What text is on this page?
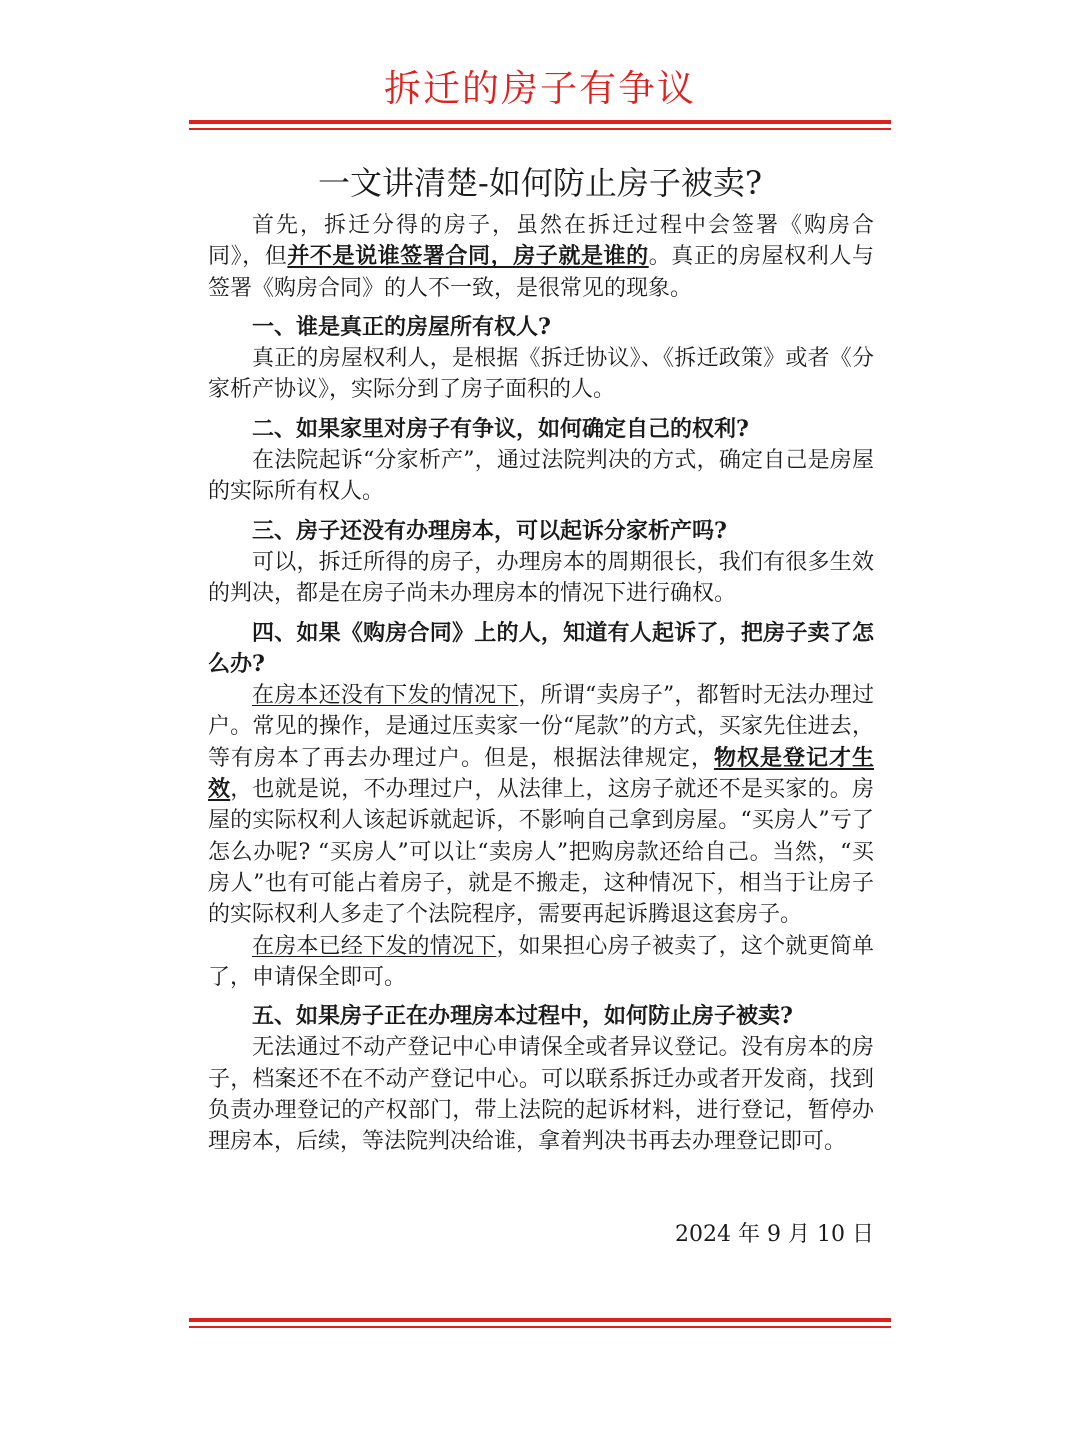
拆迁的房子有争议
一文讲清楚-如何防止房子被卖?

首先，拆迁分得的房子，虽然在拆迁过程中会签署《购房合同》，但并不是说谁签署合同，房子就是谁的。真正的房屋权利人与签署《购房合同》的人不一致，是很常见的现象。

一、谁是真正的房屋所有权人?

真正的房屋权利人，是根据《拆迁协议》、《拆迁政策》或者《分家析产协议》，实际分到了房子面积的人。

二、如果家里对房子有争议，如何确定自己的权利?

在法院起诉“分家析产”，通过法院判决的方式，确定自己是房屋的实际所有权人。

三、房子还没有办理房本，可以起诉分家析产吗?

可以，拆迁所得的房子，办理房本的周期很长，我们有很多生效的判决，都是在房子尚未办理房本的情况下进行确权。

四、如果《购房合同》上的人，知道有人起诉了，把房子卖了怎么办?

在房本还没有下发的情况下，所谓“卖房子”，都暂时无法办理过户。常见的操作，是通过压卖家一份“尾款”的方式，买家先住进去，等有房本了再去办理过户。但是，根据法律规定，物权是登记才生效，也就是说，不办理过户，从法律上，这房子就还不是买家的。房屋的实际权利人该起诉就起诉，不影响自己拿到房屋。“买房人”亏了怎么办呢? “买房人”可以让“卖房人”把购房款还给自己。当然，“买房人”也有可能占着房子，就是不搬走，这种情况下，相当于让房子的实际权利人多走了个法院程序，需要再起诉腾退这套房子。

在房本已经下发的情况下，如果担心房子被卖了，这个就更简单了，申请保全即可。

五、如果房子正在办理房本过程中，如何防止房子被卖?

无法通过不动产登记中心申请保全或者异议登记。没有房本的房子，档案还不在不动产登记中心。可以联系拆迁办或者开发商，找到负责办理登记的产权部门，带上法院的起诉材料，进行登记，暂停办理房本，后续，等法院判决给谁，拿着判决书再去办理登记即可。

2024 年 9 月 10 日
